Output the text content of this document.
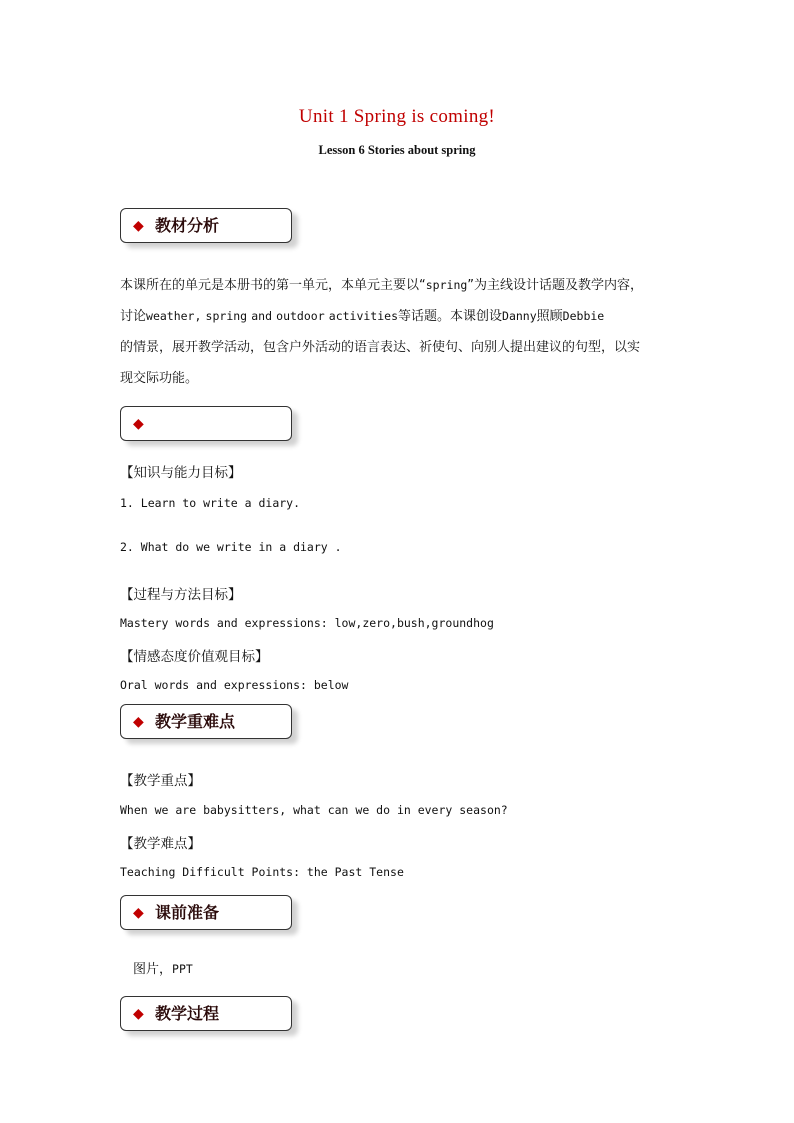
Unit 1 Spring is coming!
Lesson 6 Stories about spring
◆ 教材分析
本课所在的单元是本册书的第一单元，本单元主要以“spring”为主线设计话题及教学内容，
讨论weather, spring and outdoor activities等话题。本课创设Danny照顾Debbie
的情景，展开教学活动，包含户外活动的语言表达、祈使句、向别人提出建议的句型，以实
现交际功能。
◆
【知识与能力目标】
1. Learn to write a diary.
2. What do we write in a diary .
【过程与方法目标】
Mastery words and expressions: low,zero,bush,groundhog
【情感态度价值观目标】
Oral words and expressions: below
◆ 教学重难点
【教学重点】
When we are babysitters, what can we do in every season?
【教学难点】
Teaching Difficult Points: the Past Tense
◆ 课前准备
图片，PPT
◆ 教学过程
